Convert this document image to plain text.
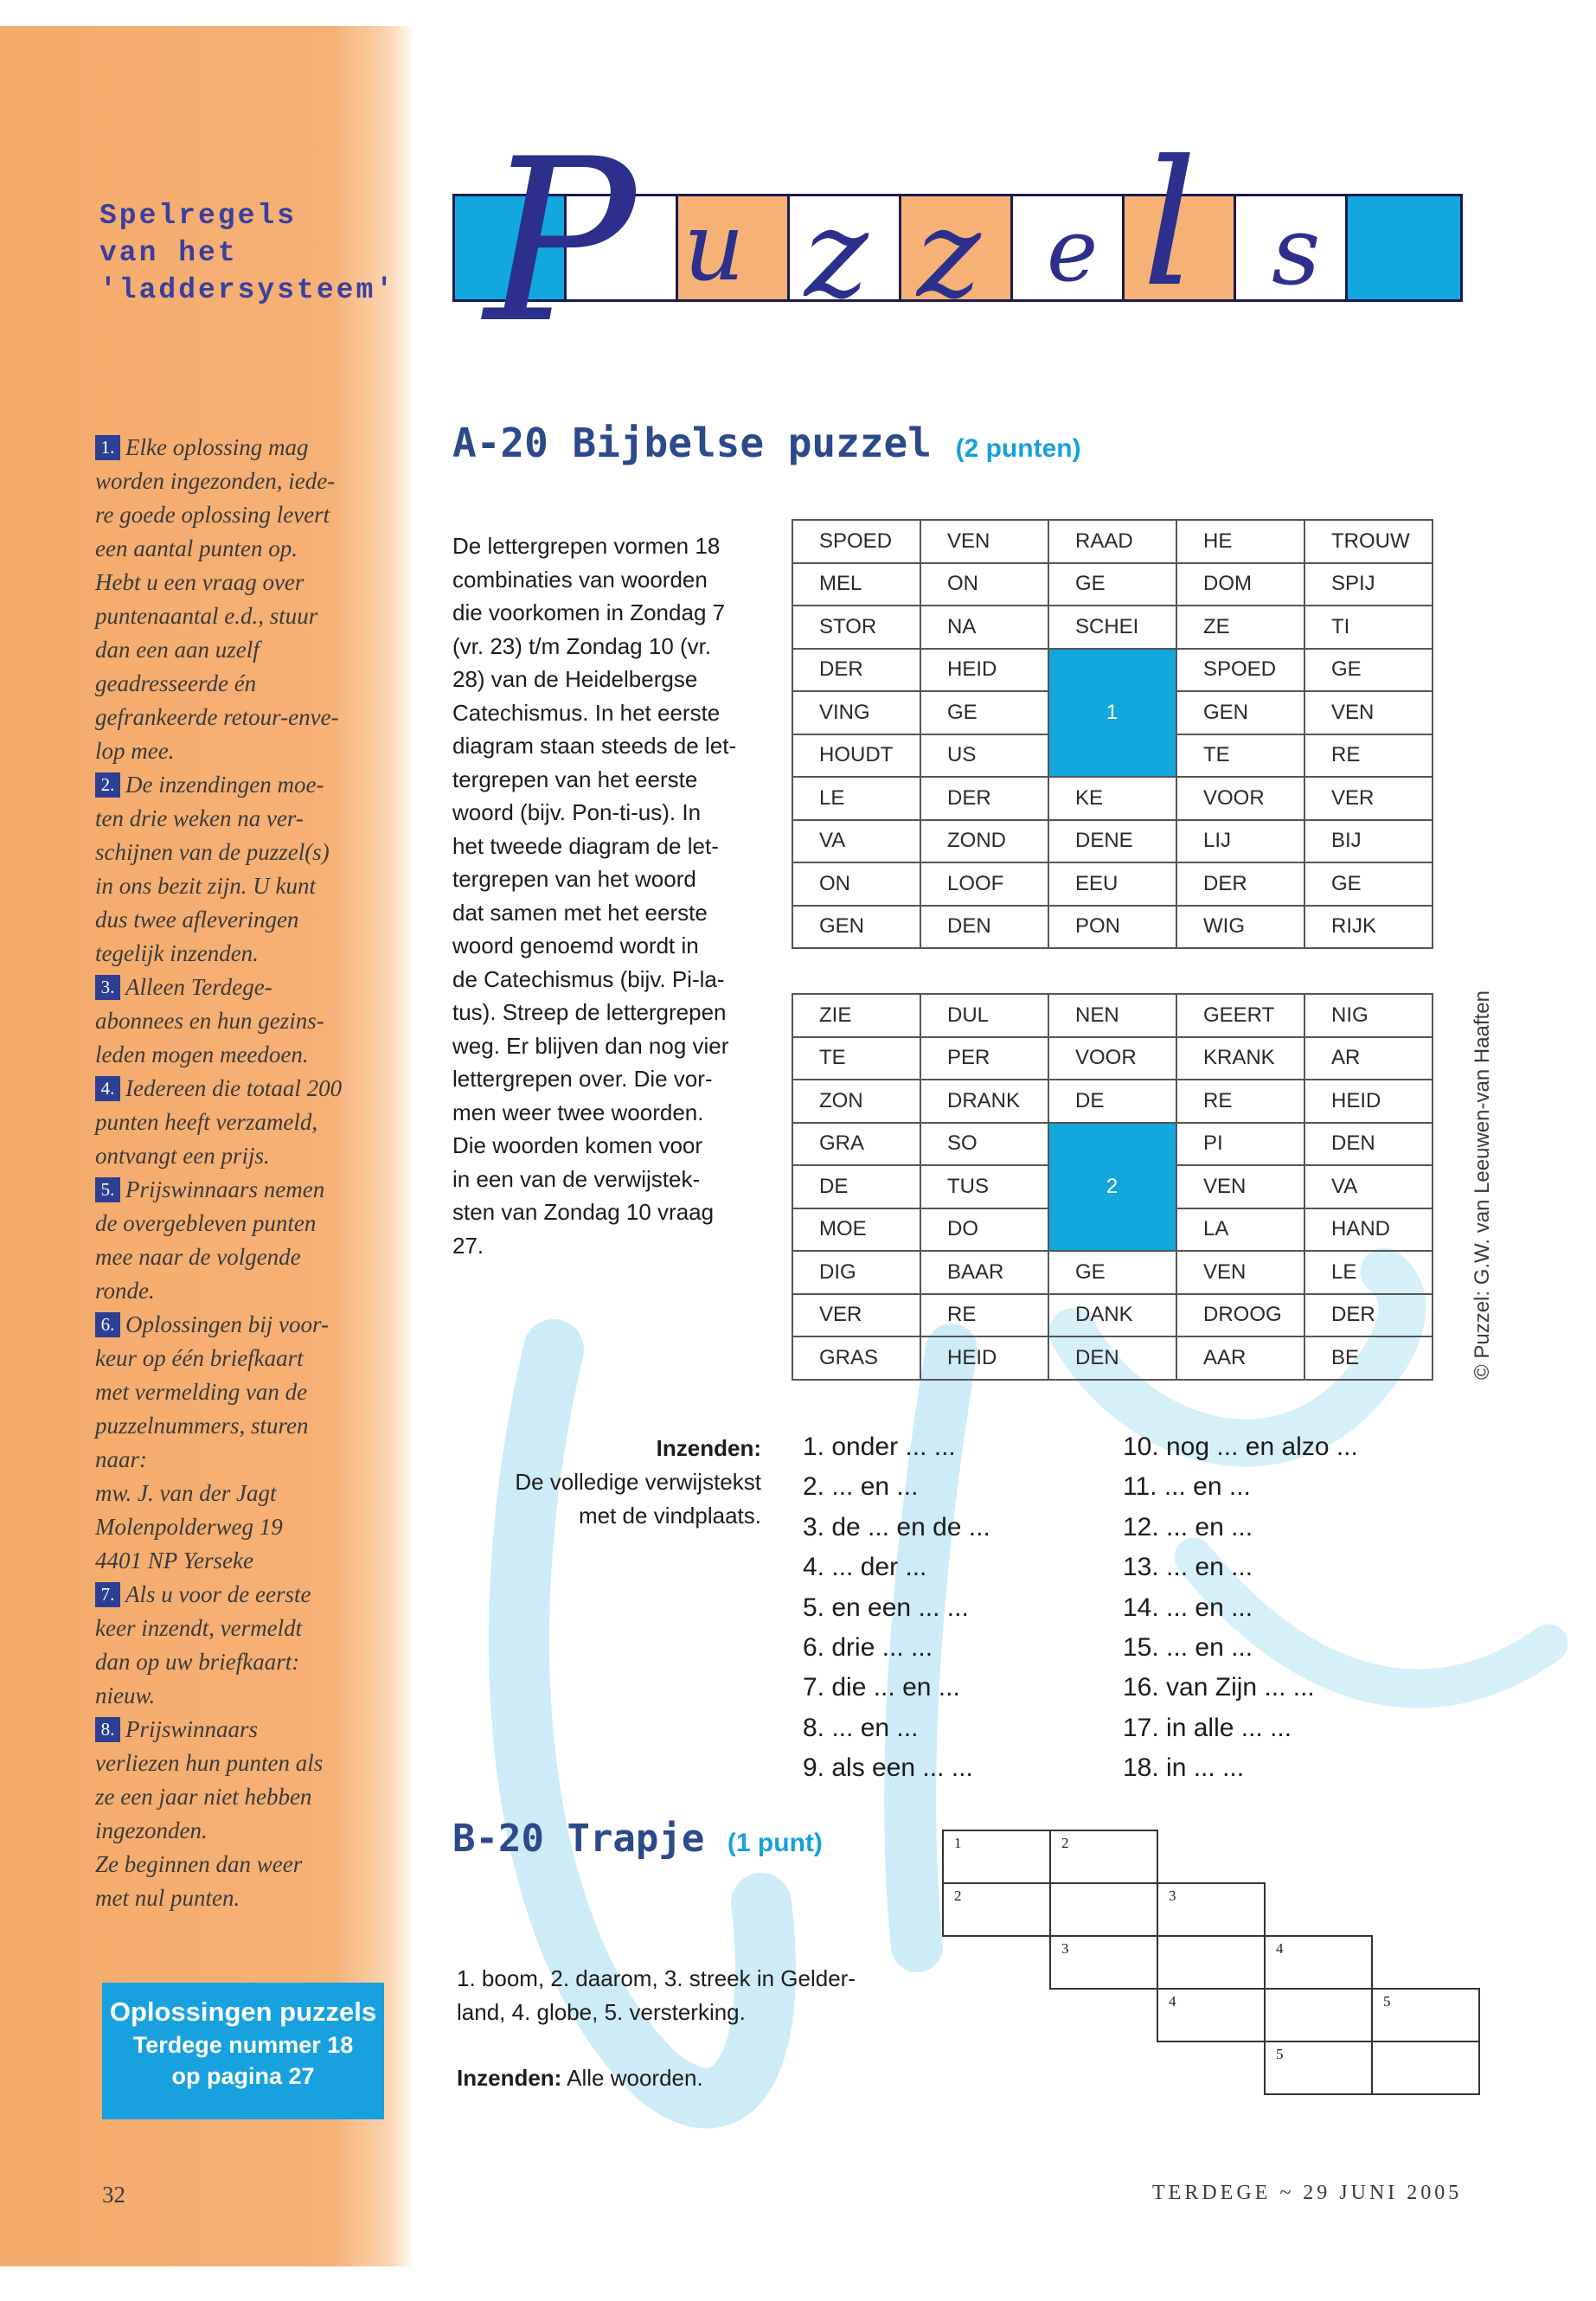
Spelregels
van het
'laddersysteem'
1. Elke oplossing mag
worden ingezonden, iede-
re goede oplossing levert
een aantal punten op.
Hebt u een vraag over
puntenaantal e.d., stuur
dan een aan uzelf
geadresseerde én
gefrankeerde retour-enve-
lop mee.
2. De inzendingen moe-
ten drie weken na ver-
schijnen van de puzzel(s)
in ons bezit zijn. U kunt
dus twee afleveringen
tegelijk inzenden.
3. Alleen Terdege-
abonnees en hun gezins-
leden mogen meedoen.
4. Iedereen die totaal 200
punten heeft verzameld,
ontvangt een prijs.
5. Prijswinnaars nemen
de overgebleven punten
mee naar de volgende
ronde.
6. Oplossingen bij voor-
keur op één briefkaart
met vermelding van de
puzzelnummers, sturen
naar:
mw. J. van der Jagt
Molenpolderweg 19
4401 NP Yerseke
7. Als u voor de eerste
keer inzendt, vermeldt
dan op uw briefkaart:
nieuw.
8. Prijswinnaars
verliezen hun punten als
ze een jaar niet hebben
ingezonden.
Ze beginnen dan weer
met nul punten.
Oplossingen puzzels
Terdege nummer 18
op pagina 27
32
P u z z e l s
A-20 Bijbelse puzzel (2 punten)
De lettergrepen vormen 18
combinaties van woorden
die voorkomen in Zondag 7
(vr. 23) t/m Zondag 10 (vr.
28) van de Heidelbergse
Catechismus. In het eerste
diagram staan steeds de let-
tergrepen van het eerste
woord (bijv. Pon-ti-us). In
het tweede diagram de let-
tergrepen van het woord
dat samen met het eerste
woord genoemd wordt in
de Catechismus (bijv. Pi-la-
tus). Streep de lettergrepen
weg. Er blijven dan nog vier
lettergrepen over. Die vor-
men weer twee woorden.
Die woorden komen voor
in een van de verwijstek-
sten van Zondag 10 vraag
27.
SPOED	VEN	RAAD	HE	TROUW
MEL	ON	GE	DOM	SPIJ
STOR	NA	SCHEI	ZE	TI
DER	HEID	1	SPOED	GE
VING	GE		GEN	VEN
HOUDT	US		TE	RE
LE	DER	KE	VOOR	VER
VA	ZOND	DENE	LIJ	BIJ
ON	LOOF	EEU	DER	GE
GEN	DEN	PON	WIG	RIJK
ZIE	DUL	NEN	GEERT	NIG
TE	PER	VOOR	KRANK	AR
ZON	DRANK	DE	RE	HEID
GRA	SO	2	PI	DEN
DE	TUS		VEN	VA
MOE	DO		LA	HAND
DIG	BAAR	GE	VEN	LE
VER	RE	DANK	DROOG	DER
GRAS	HEID	DEN	AAR	BE
Inzenden:
De volledige verwijstekst
met de vindplaats.
1. onder ... ...
2. ... en ...
3. de ... en de ...
4. ... der ...
5. en een ... ...
6. drie ... ...
7. die ... en ...
8. ... en ...
9. als een ... ...
10. nog ... en alzo ...
11. ... en ...
12. ... en ...
13. ... en ...
14. ... en ...
15. ... en ...
16. van Zijn ... ...
17. in alle ... ...
18. in ... ...
B-20 Trapje (1 punt)
1. boom, 2. daarom, 3. streek in Gelder-
land, 4. globe, 5. versterking.
Inzenden: Alle woorden.
1	2
2	3
3	4
4	5
5
© Puzzel: G.W. van Leeuwen-van Haaften
TERDEGE ~ 29 JUNI 2005
